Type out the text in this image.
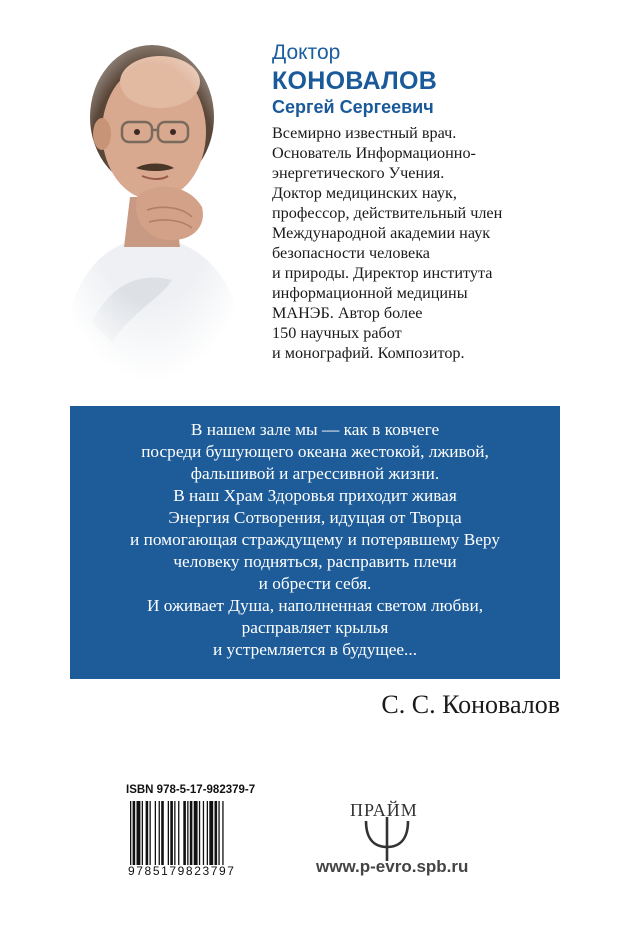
Доктор
КОНОВАЛОВ
Сергей Сергеевич
Всемирно известный врач.
Основатель Информационно-
энергетического Учения.
Доктор медицинских наук,
профессор, действительный член
Международной академии наук
безопасности человека
и природы. Директор института
информационной медицины
МАНЭБ. Автор более
150 научных работ
и монографий. Композитор.
В нашем зале мы — как в ковчеге
посреди бушующего океана жестокой, лживой,
фальшивой и агрессивной жизни.
В наш Храм Здоровья приходит живая
Энергия Сотворения, идущая от Творца
и помогающая страждущему и потерявшему Веру
человеку подняться, расправить плечи
и обрести себя.
И оживает Душа, наполненная светом любви,
расправляет крылья
и устремляется в будущее...
С. С. Коновалов
ISBN 978-5-17-982379-7
9785179823797
ПРАЙМ
www.p-evro.spb.ru
